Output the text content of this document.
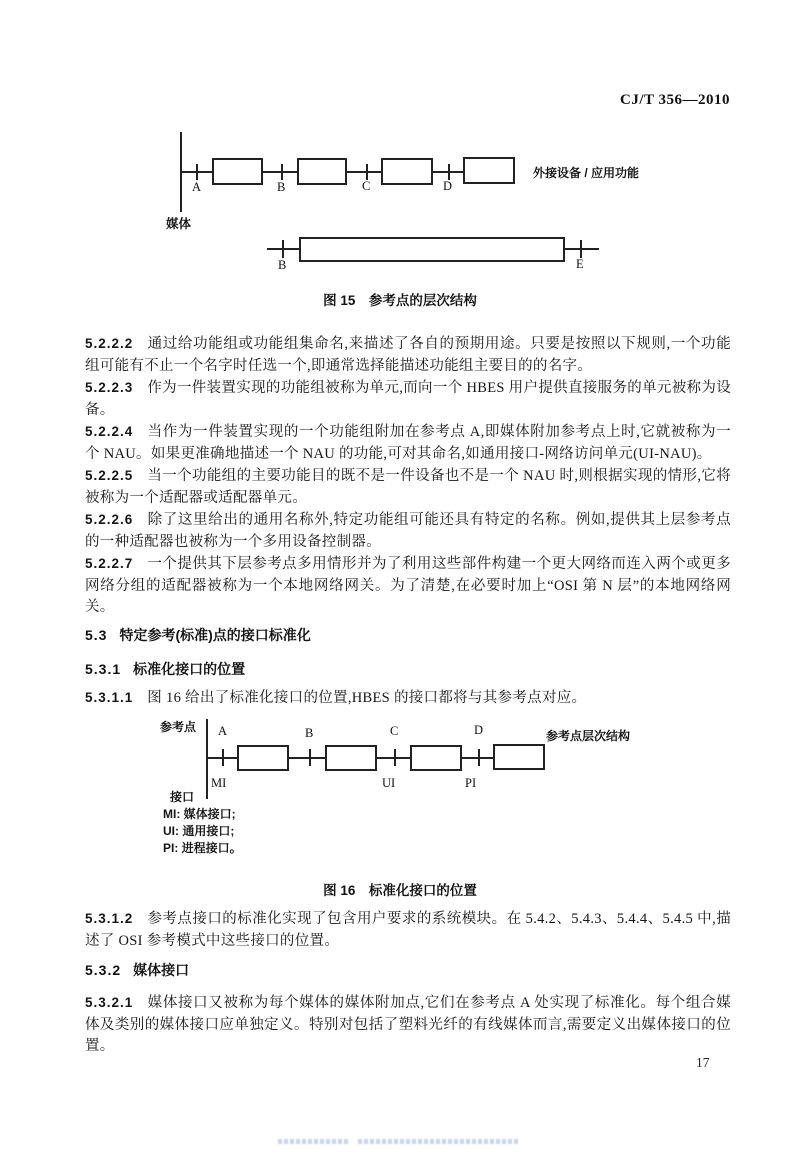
CJ/T 356—2010
A	B	C	D
外接设备 / 应用功能
媒体
B	E
图 15　参考点的层次结构

5.2.2.2 通过给功能组或功能组集命名,来描述了各自的预期用途。只要是按照以下规则,一个功能组可能有不止一个名字时任选一个,即通常选择能描述功能组主要目的的名字。

5.2.2.3 作为一件装置实现的功能组被称为单元,而向一个 HBES 用户提供直接服务的单元被称为设备。

5.2.2.4 当作为一件装置实现的一个功能组附加在参考点 A,即媒体附加参考点上时,它就被称为一个 NAU。如果更准确地描述一个 NAU 的功能,可对其命名,如通用接口-网络访问单元(UI-NAU)。

5.2.2.5 当一个功能组的主要功能目的既不是一件设备也不是一个 NAU 时,则根据实现的情形,它将被称为一个适配器或适配器单元。

5.2.2.6 除了这里给出的通用名称外,特定功能组可能还具有特定的名称。例如,提供其上层参考点的一种适配器也被称为一个多用设备控制器。

5.2.2.7 一个提供其下层参考点多用情形并为了利用这些部件构建一个更大网络而连入两个或更多网络分组的适配器被称为一个本地网络网关。为了清楚,在必要时加上“OSI 第 N 层”的本地网络网关。

5.3 特定参考(标准)点的接口标准化
5.3.1 标准化接口的位置

5.3.1.1 图 16 给出了标准化接口的位置,HBES 的接口都将与其参考点对应。

参考点 A	B	C	D
MI	UI	PI
接口
参考点层次结构
MI: 媒体接口;
UI: 通用接口;
PI: 进程接口。
图 16　标准化接口的位置

5.3.1.2 参考点接口的标准化实现了包含用户要求的系统模块。在 5.4.2、5.4.3、5.4.4、5.4.5 中,描述了 OSI 参考模式中这些接口的位置。

5.3.2 媒体接口

5.3.2.1 媒体接口又被称为每个媒体的媒体附加点,它们在参考点 A 处实现了标准化。每个组合媒体及类别的媒体接口应单独定义。特别对包括了塑料光纤的有线媒体而言,需要定义出媒体接口的位置。

17
